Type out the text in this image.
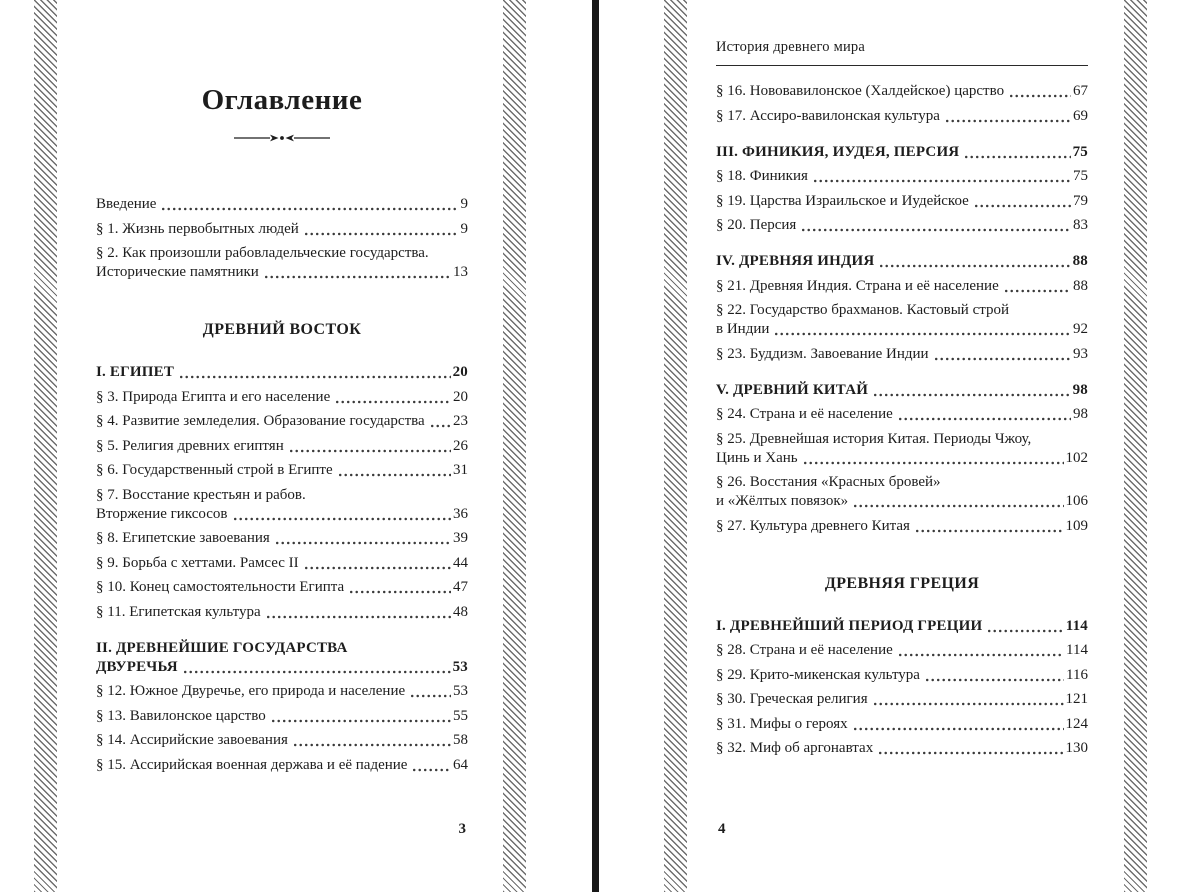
Оглавление
Введение	9
§ 1. Жизнь первобытных людей	9
§ 2. Как произошли рабовладельческие государства.
Исторические памятники	13
ДРЕВНИЙ ВОСТОК
I. ЕГИПЕТ	20
§ 3. Природа Египта и его население	20
§ 4. Развитие земледелия. Образование государства 23
§ 5. Религия древних египтян	26
§ 6. Государственный строй в Египте	31
§ 7. Восстание крестьян и рабов.
Вторжение гиксосов	36
§ 8. Египетские завоевания	39
§ 9. Борьба с хеттами. Рамсес II	44
§ 10. Конец самостоятельности Египта	47
§ 11. Египетская культура	48
II. ДРЕВНЕЙШИЕ ГОСУДАРСТВА
ДВУРЕЧЬЯ	53
§ 12. Южное Двуречье, его природа и население	53
§ 13. Вавилонское царство	55
§ 14. Ассирийские завоевания	58
§ 15. Ассирийская военная держава и её падение	64
3
История древнего мира
§ 16. Нововавилонское (Халдейское) царство	67
§ 17. Ассиро-вавилонская культура	69
III. ФИНИКИЯ, ИУДЕЯ, ПЕРСИЯ	75
§ 18. Финикия	75
§ 19. Царства Израильское и Иудейское	79
§ 20. Персия	83
IV. ДРЕВНЯЯ ИНДИЯ	88
§ 21. Древняя Индия. Страна и её население	88
§ 22. Государство брахманов. Кастовый строй
в Индии	92
§ 23. Буддизм. Завоевание Индии	93
V. ДРЕВНИЙ КИТАЙ	98
§ 24. Страна и её население	98
§ 25. Древнейшая история Китая. Периоды Чжоу,
Цинь и Хань	102
§ 26. Восстания «Красных бровей»
и «Жёлтых повязок»	106
§ 27. Культура древнего Китая	109
ДРЕВНЯЯ ГРЕЦИЯ
I. ДРЕВНЕЙШИЙ ПЕРИОД ГРЕЦИИ	114
§ 28. Страна и её население	114
§ 29. Крито-микенская культура	116
§ 30. Греческая религия	121
§ 31. Мифы о героях	124
§ 32. Миф об аргонавтах	130
4
